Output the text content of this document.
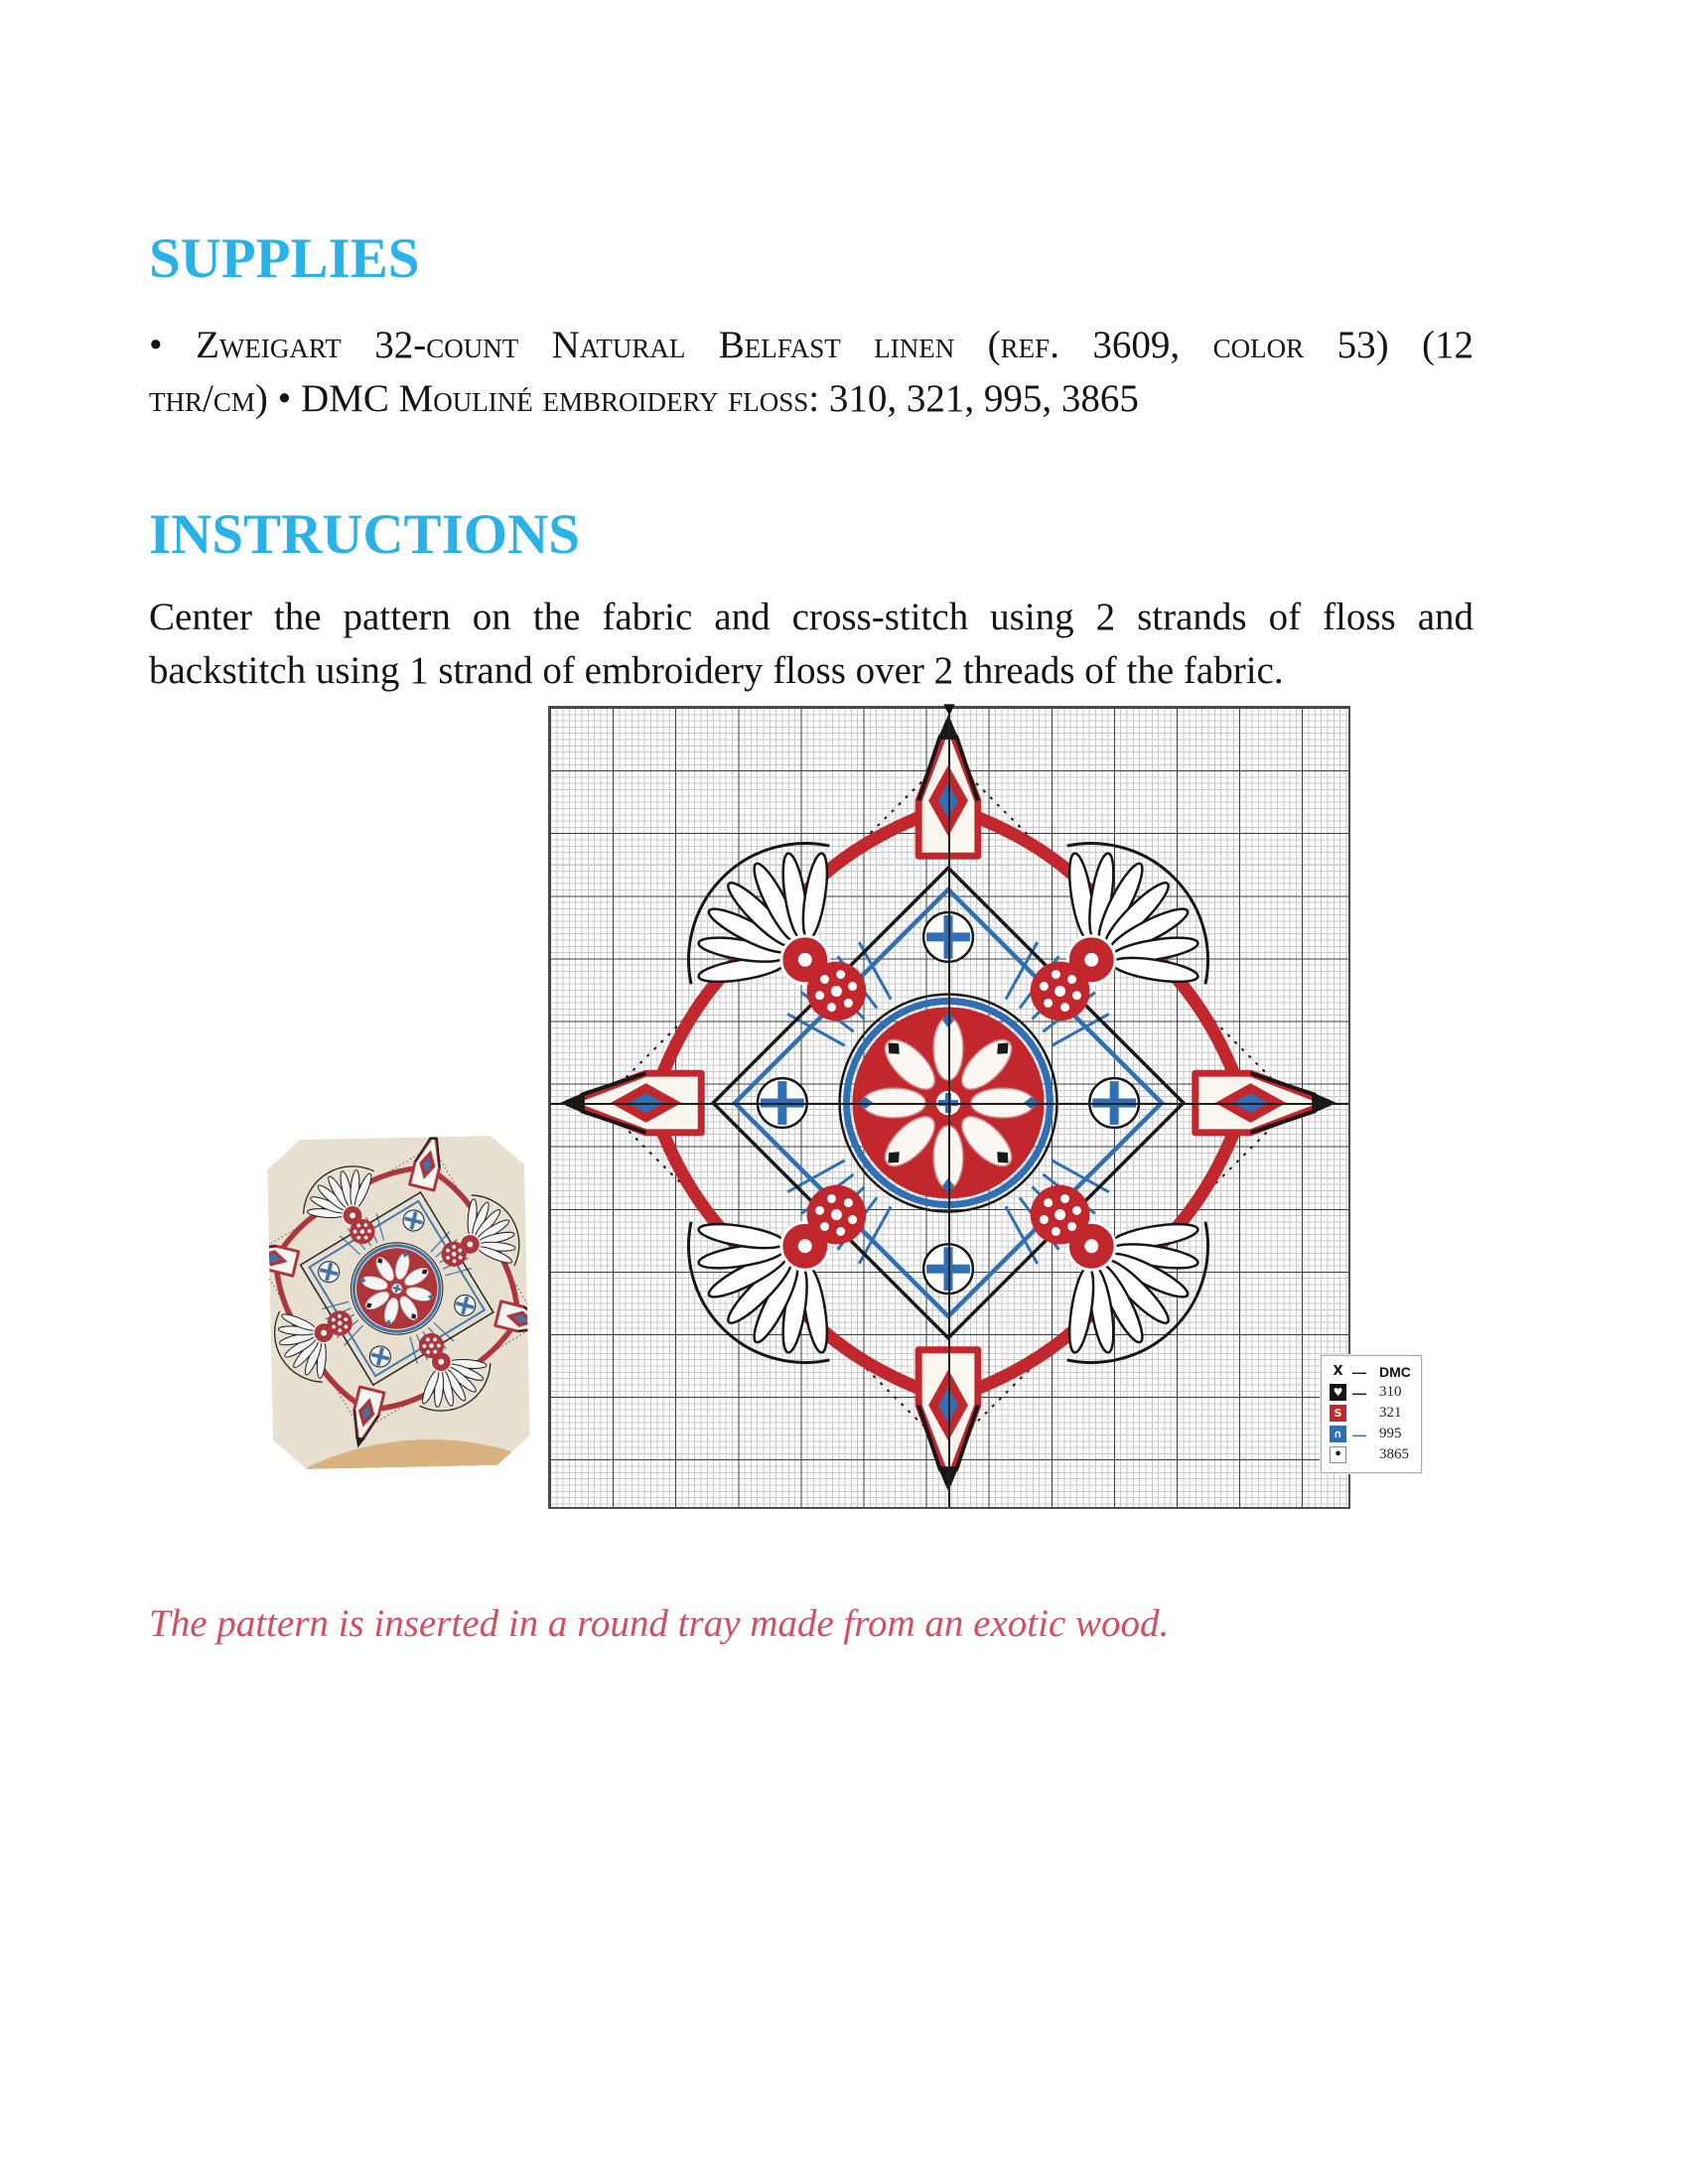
SUPPLIES

• Zweigart 32-count Natural Belfast linen (ref. 3609, color 53) (12
thr/cm) • DMC Mouliné embroidery floss: 310, 321, 995, 3865

INSTRUCTIONS

Center the pattern on the fabric and cross-stitch using 2 strands of floss and
backstitch using 1 strand of embroidery floss over 2 threads of the fabric.

▼
X — DMC
♥ — 310
S	321
∩ — 995
• 3865

The pattern is inserted in a round tray made from an exotic wood.
